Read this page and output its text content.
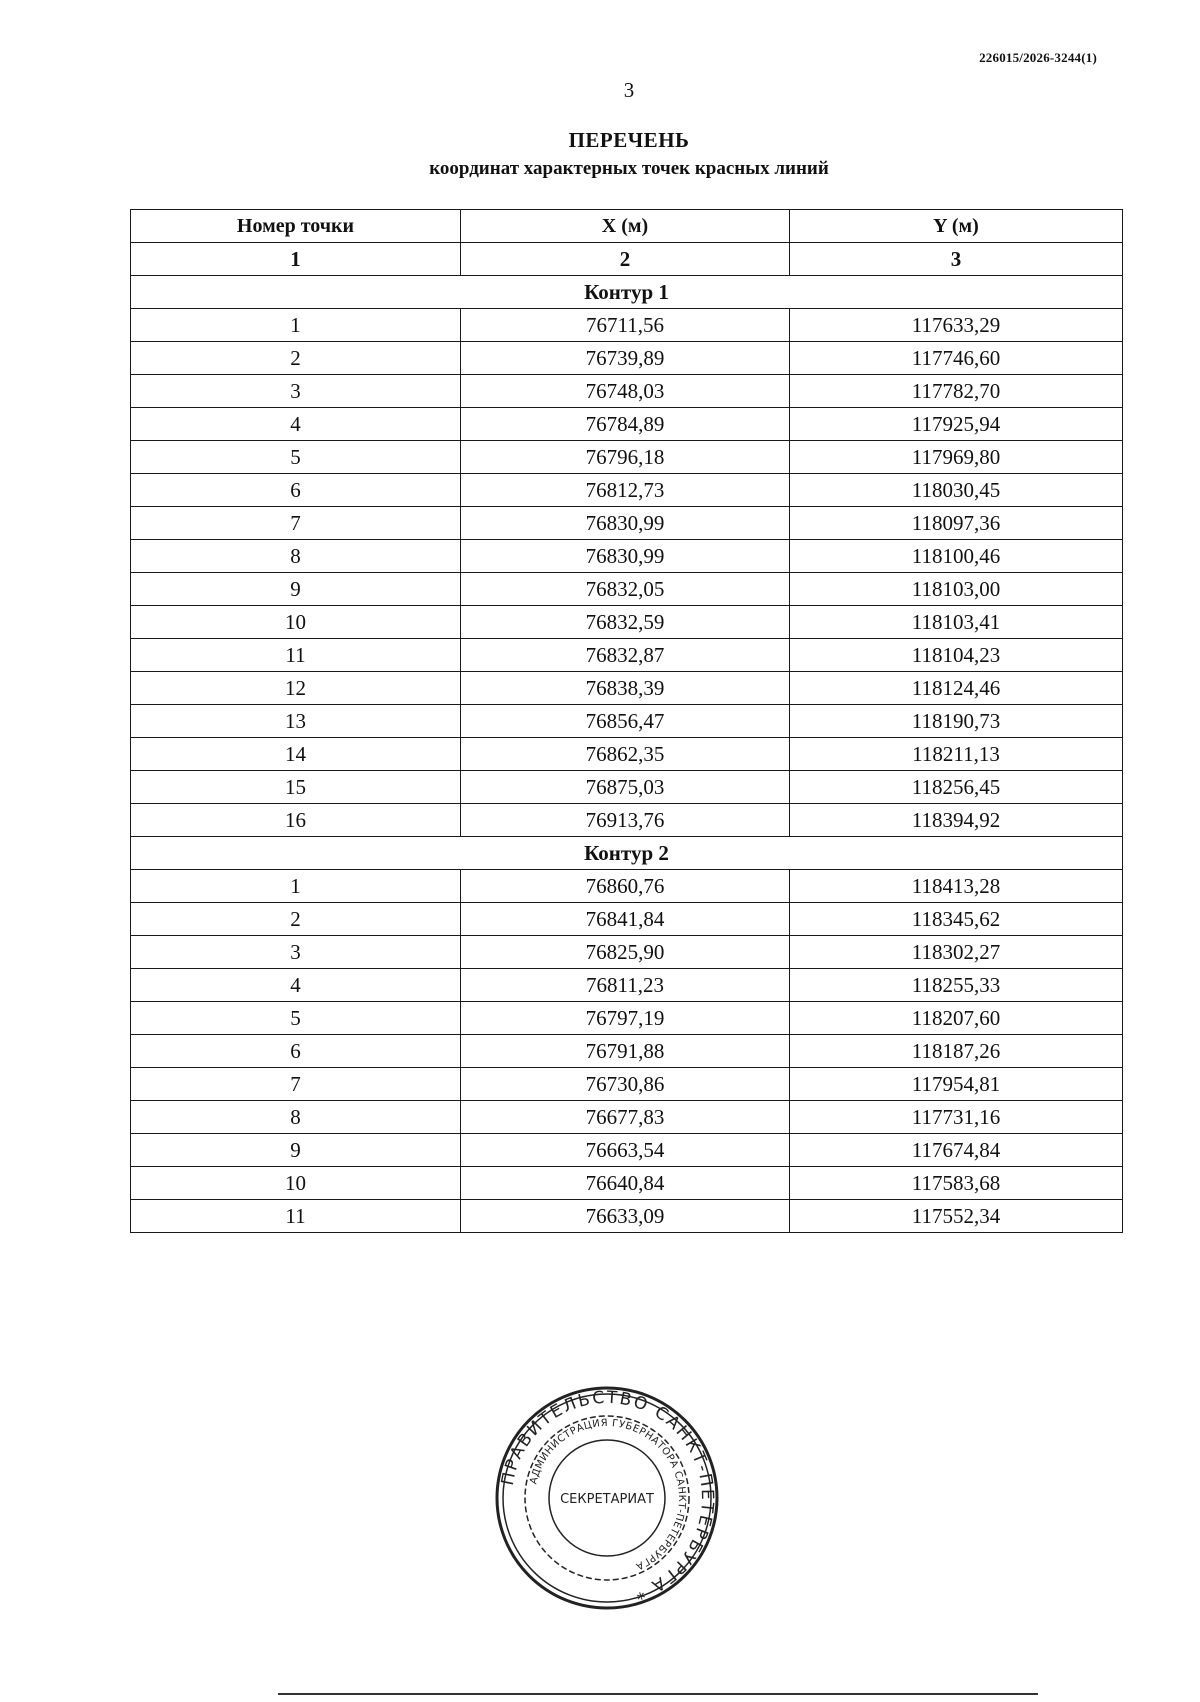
226015/2026-3244(1)
3
ПЕРЕЧЕНЬ
координат характерных точек красных линий
Номер точки	X (м)	Y (м)
1	2	3
Контур 1		
1	76711,56	117633,29
2	76739,89	117746,60
3	76748,03	117782,70
4	76784,89	117925,94
5	76796,18	117969,80
6	76812,73	118030,45
7	76830,99	118097,36
8	76830,99	118100,46
9	76832,05	118103,00
10	76832,59	118103,41
11	76832,87	118104,23
12	76838,39	118124,46
13	76856,47	118190,73
14	76862,35	118211,13
15	76875,03	118256,45
16	76913,76	118394,92
Контур 2		
1	76860,76	118413,28
2	76841,84	118345,62
3	76825,90	118302,27
4	76811,23	118255,33
5	76797,19	118207,60
6	76791,88	118187,26
7	76730,86	117954,81
8	76677,83	117731,16
9	76663,54	117674,84
10	76640,84	117583,68
11	76633,09	117552,34
ПРАВИТЕЛЬСТВО САНКТ-ПЕТЕРБУРГА *
АДМИНИСТРАЦИЯ ГУБЕРНАТОРА САНКТ-ПЕТЕРБУРГА
СЕКРЕТАРИАТ
